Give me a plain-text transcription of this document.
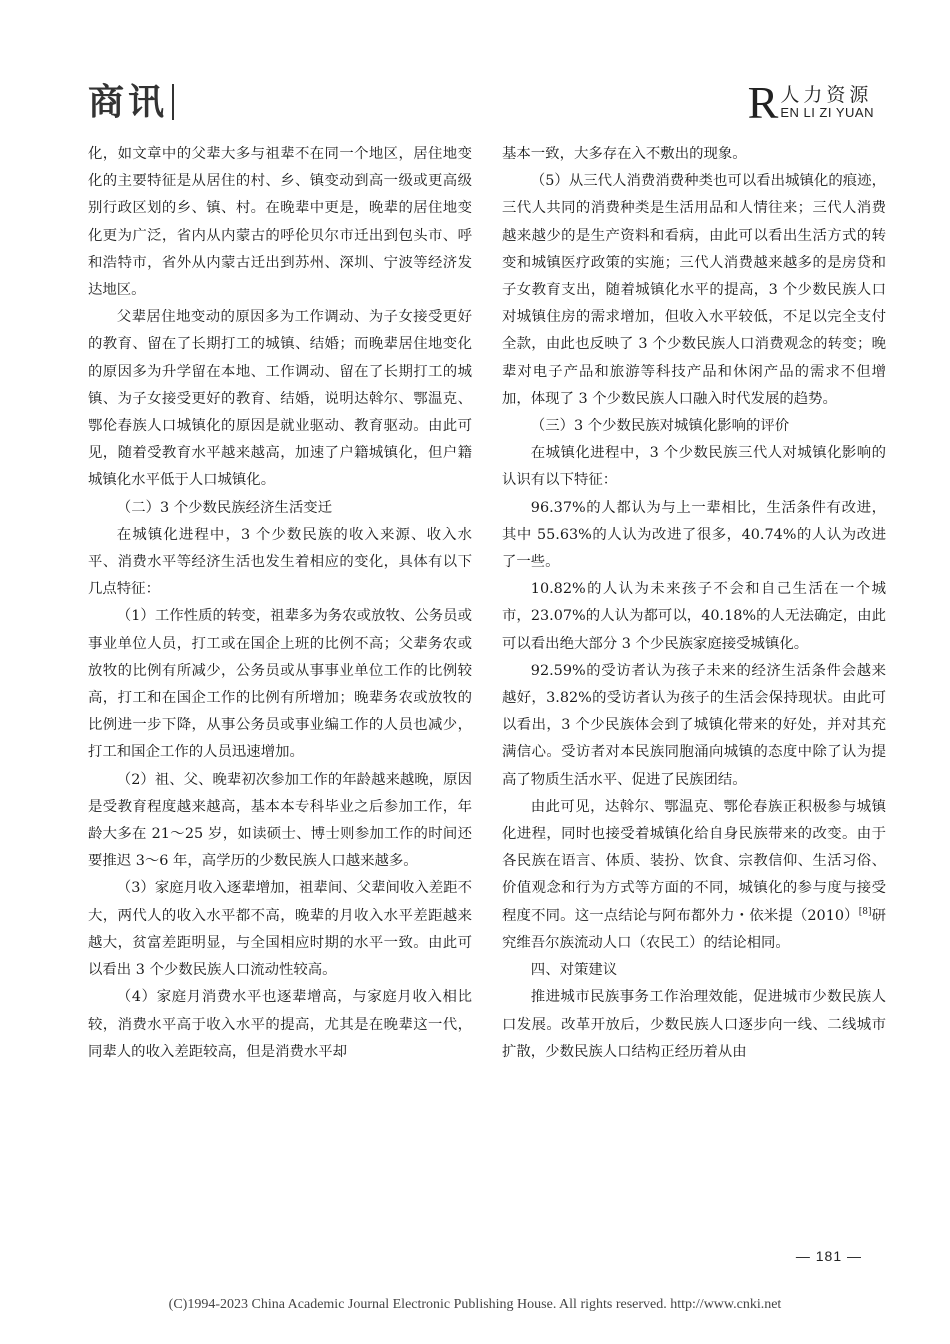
商讯	R 人力资源
EN LI ZI YUAN

化，如文章中的父辈大多与祖辈不在同一个地区，居住地变化的主要特征是从居住的村、乡、镇变动到高一级或更高级别行政区划的乡、镇、村。在晚辈中更是，晚辈的居住地变化更为广泛，省内从内蒙古的呼伦贝尔市迁出到包头市、呼和浩特市，省外从内蒙古迁出到苏州、深圳、宁波等经济发达地区。

父辈居住地变动的原因多为工作调动、为子女接受更好的教育、留在了长期打工的城镇、结婚；而晚辈居住地变化的原因多为升学留在本地、工作调动、留在了长期打工的城镇、为子女接受更好的教育、结婚，说明达斡尔、鄂温克、鄂伦春族人口城镇化的原因是就业驱动、教育驱动。由此可见，随着受教育水平越来越高，加速了户籍城镇化，但户籍城镇化水平低于人口城镇化。

（二）3 个少数民族经济生活变迁

在城镇化进程中，3 个少数民族的收入来源、收入水平、消费水平等经济生活也发生着相应的变化，具体有以下几点特征：

（1）工作性质的转变，祖辈多为务农或放牧、公务员或事业单位人员，打工或在国企上班的比例不高；父辈务农或放牧的比例有所减少，公务员或从事事业单位工作的比例较高，打工和在国企工作的比例有所增加；晚辈务农或放牧的比例进一步下降，从事公务员或事业编工作的人员也减少，打工和国企工作的人员迅速增加。

（2）祖、父、晚辈初次参加工作的年龄越来越晚，原因是受教育程度越来越高，基本本专科毕业之后参加工作，年龄大多在 21～25 岁，如读硕士、博士则参加工作的时间还要推迟 3～6 年，高学历的少数民族人口越来越多。

（3）家庭月收入逐辈增加，祖辈间、父辈间收入差距不大，两代人的收入水平都不高，晚辈的月收入水平差距越来越大，贫富差距明显，与全国相应时期的水平一致。由此可以看出 3 个少数民族人口流动性较高。

（4）家庭月消费水平也逐辈增高，与家庭月收入相比较，消费水平高于收入水平的提高，尤其是在晚辈这一代，同辈人的收入差距较高，但是消费水平却

基本一致，大多存在入不敷出的现象。

（5）从三代人消费消费种类也可以看出城镇化的痕迹，三代人共同的消费种类是生活用品和人情往来；三代人消费越来越少的是生产资料和看病，由此可以看出生活方式的转变和城镇医疗政策的实施；三代人消费越来越多的是房贷和子女教育支出，随着城镇化水平的提高，3 个少数民族人口对城镇住房的需求增加，但收入水平较低，不足以完全支付全款，由此也反映了 3 个少数民族人口消费观念的转变；晚辈对电子产品和旅游等科技产品和休闲产品的需求不但增加，体现了 3 个少数民族人口融入时代发展的趋势。

（三）3 个少数民族对城镇化影响的评价

在城镇化进程中，3 个少数民族三代人对城镇化影响的认识有以下特征：

96.37%的人都认为与上一辈相比，生活条件有改进，其中 55.63%的人认为改进了很多，40.74%的人认为改进了一些。

10.82%的人认为未来孩子不会和自己生活在一个城市，23.07%的人认为都可以，40.18%的人无法确定，由此可以看出绝大部分 3 个少民族家庭接受城镇化。

92.59%的受访者认为孩子未来的经济生活条件会越来越好，3.82%的受访者认为孩子的生活会保持现状。由此可以看出，3 个少民族体会到了城镇化带来的好处，并对其充满信心。受访者对本民族同胞涌向城镇的态度中除了认为提高了物质生活水平、促进了民族团结。

由此可见，达斡尔、鄂温克、鄂伦春族正积极参与城镇化进程，同时也接受着城镇化给自身民族带来的改变。由于各民族在语言、体质、装扮、饮食、宗教信仰、生活习俗、价值观念和行为方式等方面的不同，城镇化的参与度与接受程度不同。这一点结论与阿布都外力・依米提（2010）[8]研究维吾尔族流动人口（农民工）的结论相同。

四、对策建议

推进城市民族事务工作治理效能，促进城市少数民族人口发展。改革开放后，少数民族人口逐步向一线、二线城市扩散，少数民族人口结构正经历着从由

— 181 —
(C)1994-2023 China Academic Journal Electronic Publishing House. All rights reserved. http://www.cnki.net
